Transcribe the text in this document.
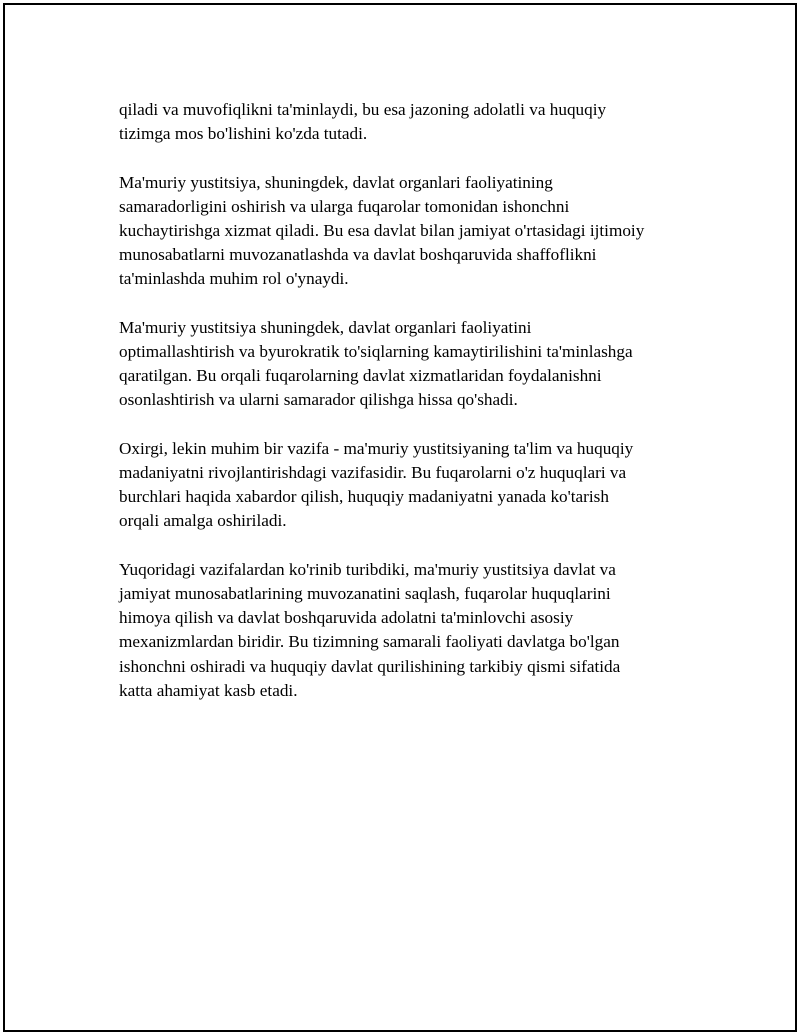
qiladi va muvofiqlikni ta'minlaydi, bu esa jazoning adolatli va huquqiy
tizimga mos bo'lishini ko'zda tutadi.

Ma'muriy yustitsiya, shuningdek, davlat organlari faoliyatining
samaradorligini oshirish va ularga fuqarolar tomonidan ishonchni
kuchaytirishga xizmat qiladi. Bu esa davlat bilan jamiyat o'rtasidagi ijtimoiy
munosabatlarni muvozanatlashda va davlat boshqaruvida shaffoflikni
ta'minlashda muhim rol o'ynaydi.

Ma'muriy yustitsiya shuningdek, davlat organlari faoliyatini
optimallashtirish va byurokratik to'siqlarning kamaytirilishini ta'minlashga
qaratilgan. Bu orqali fuqarolarning davlat xizmatlaridan foydalanishni
osonlashtirish va ularni samarador qilishga hissa qo'shadi.

Oxirgi, lekin muhim bir vazifa - ma'muriy yustitsiyaning ta'lim va huquqiy
madaniyatni rivojlantirishdagi vazifasidir. Bu fuqarolarni o'z huquqlari va
burchlari haqida xabardor qilish, huquqiy madaniyatni yanada ko'tarish
orqali amalga oshiriladi.

Yuqoridagi vazifalardan ko'rinib turibdiki, ma'muriy yustitsiya davlat va
jamiyat munosabatlarining muvozanatini saqlash, fuqarolar huquqlarini
himoya qilish va davlat boshqaruvida adolatni ta'minlovchi asosiy
mexanizmlardan biridir. Bu tizimning samarali faoliyati davlatga bo'lgan
ishonchni oshiradi va huquqiy davlat qurilishining tarkibiy qismi sifatida
katta ahamiyat kasb etadi.
